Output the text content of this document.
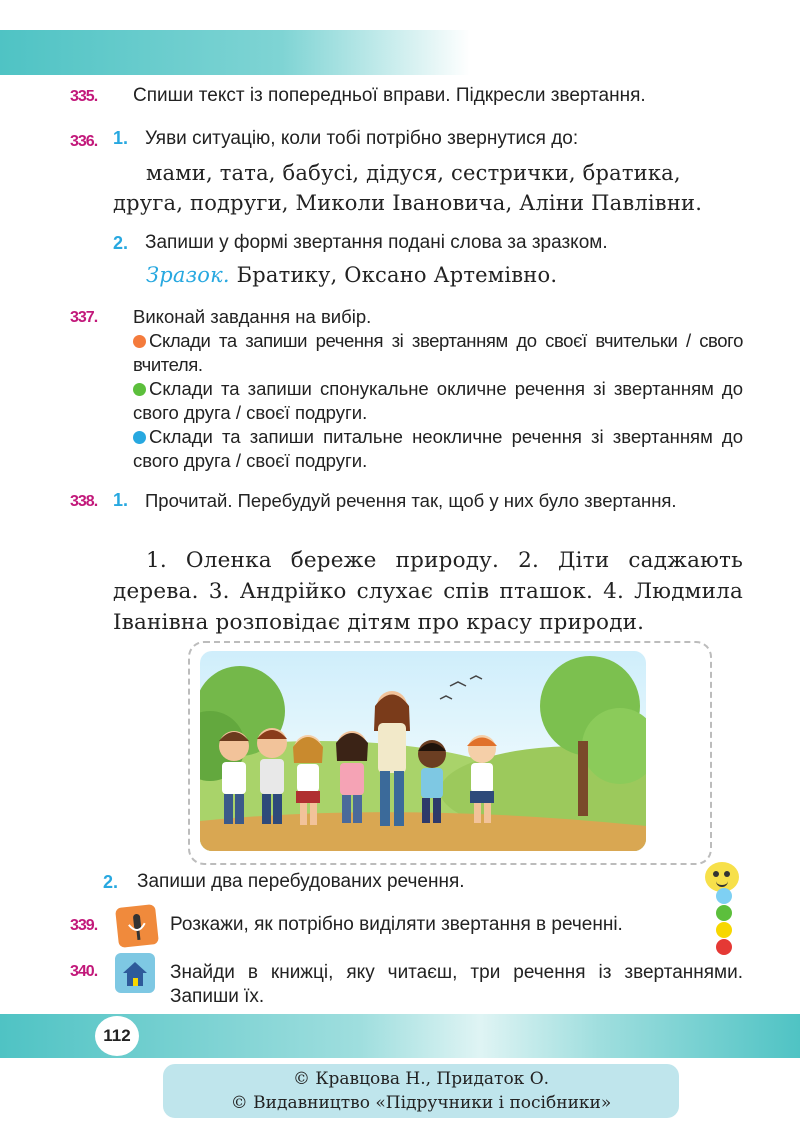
335. Спиши текст із попередньої вправи. Підкресли звертання.
336. 1. Уяви ситуацію, коли тобі потрібно звернутися до:
мами, тата, бабусі, дідуся, сестрички, братика,
друга, подруги, Миколи Івановича, Аліни Павлівни.
2. Запиши у формі звертання подані слова за зразком.
Зразок. Братику, Оксано Артемівно.
337. Виконай завдання на вибір.
Склади та запиши речення зі звертанням до своєї вчительки / свого вчителя.
Склади та запиши спонукальне окличне речення зі звертанням до свого друга / своєї подруги.
Склади та запиши питальне неокличне речення зі звертанням до свого друга / своєї подруги.
338. 1. Прочитай. Перебудуй речення так, щоб у них було звертання.
1. Оленка береже природу. 2. Діти саджають дерева. 3. Андрійко слухає спів пташок. 4. Людмила Іванівна розповідає дітям про красу природи.
2. Запиши два перебудованих речення.
339.	Розкажи, як потрібно виділяти звертання в реченні.
340.	Знайди в книжці, яку читаєш, три речення із звертаннями. Запиши їх.
112
© Кравцова Н., Придаток О.
© Видавництво «Підручники і посібники»
